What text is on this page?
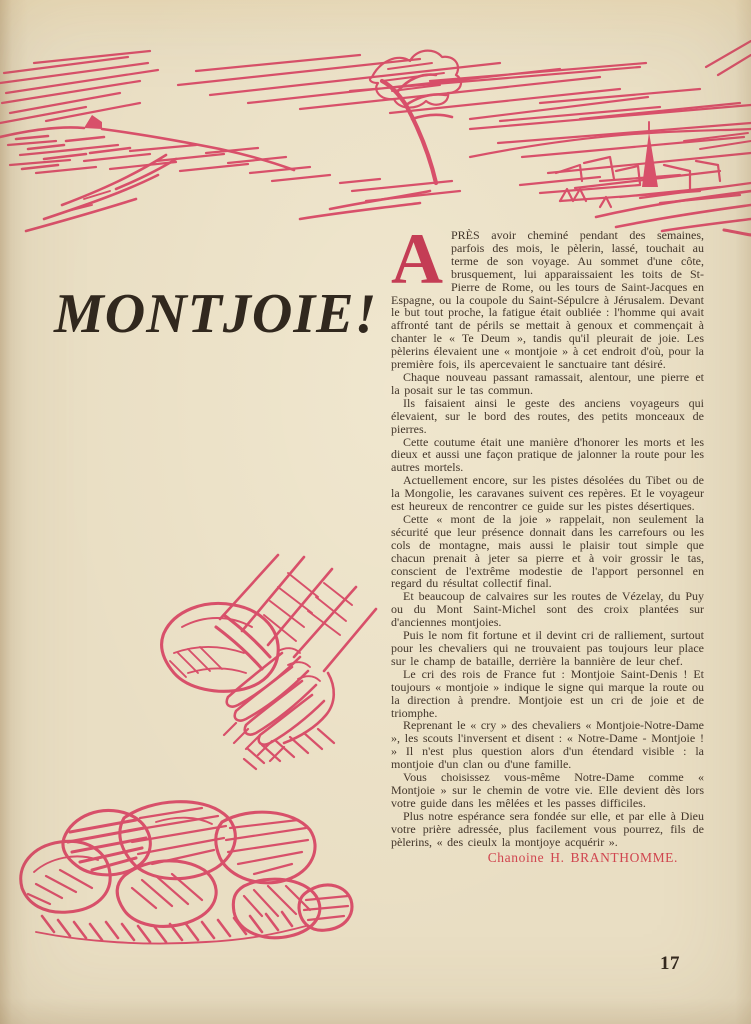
MONTJOIE!

APRÈS avoir cheminé pendant des semaines, parfois des mois, le pèlerin, lassé, touchait au terme de son voyage. Au sommet d'une côte, brusquement, lui apparaissaient les toits de St-Pierre de Rome, ou les tours de Saint-Jacques en Espagne, ou la coupole du Saint-Sépulcre à Jérusalem. Devant le but tout proche, la fatigue était oubliée : l'homme qui avait affronté tant de périls se mettait à genoux et commençait à chanter le « Te Deum », tandis qu'il pleurait de joie. Les pèlerins élevaient une « montjoie » à cet endroit d'où, pour la première fois, ils apercevaient le sanctuaire tant désiré.

Chaque nouveau passant ramassait, alentour, une pierre et la posait sur le tas commun.

Ils faisaient ainsi le geste des anciens voyageurs qui élevaient, sur le bord des routes, des petits monceaux de pierres.

Cette coutume était une manière d'honorer les morts et les dieux et aussi une façon pratique de jalonner la route pour les autres mortels.

Actuellement encore, sur les pistes désolées du Tibet ou de la Mongolie, les caravanes suivent ces repères. Et le voyageur est heureux de rencontrer ce guide sur les pistes désertiques.

Cette « mont de la joie » rappelait, non seulement la sécurité que leur présence donnait dans les carrefours ou les cols de montagne, mais aussi le plaisir tout simple que chacun prenait à jeter sa pierre et à voir grossir le tas, conscient de l'extrême modestie de l'apport personnel en regard du résultat collectif final.

Et beaucoup de calvaires sur les routes de Vézelay, du Puy ou du Mont Saint-Michel sont des croix plantées sur d'anciennes montjoies.

Puis le nom fit fortune et il devint cri de ralliement, surtout pour les chevaliers qui ne trouvaient pas toujours leur place sur le champ de bataille, derrière la bannière de leur chef.

Le cri des rois de France fut : Montjoie Saint-Denis ! Et toujours « montjoie » indique le signe qui marque la route ou la direction à prendre. Montjoie est un cri de joie et de triomphe.

Reprenant le « cry » des chevaliers « Montjoie-Notre-Dame », les scouts l'inversent et disent : « Notre-Dame - Montjoie ! » Il n'est plus question alors d'un étendard visible : la montjoie d'un clan ou d'une famille.

Vous choisissez vous-même Notre-Dame comme « Montjoie » sur le chemin de votre vie. Elle devient dès lors votre guide dans les mêlées et les passes difficiles.

Plus notre espérance sera fondée sur elle, et par elle à Dieu votre prière adressée, plus facilement vous pourrez, fils de pèlerins, « des cieulx la montjoye acquérir ».

Chanoine H. BRANTHOMME.
17
